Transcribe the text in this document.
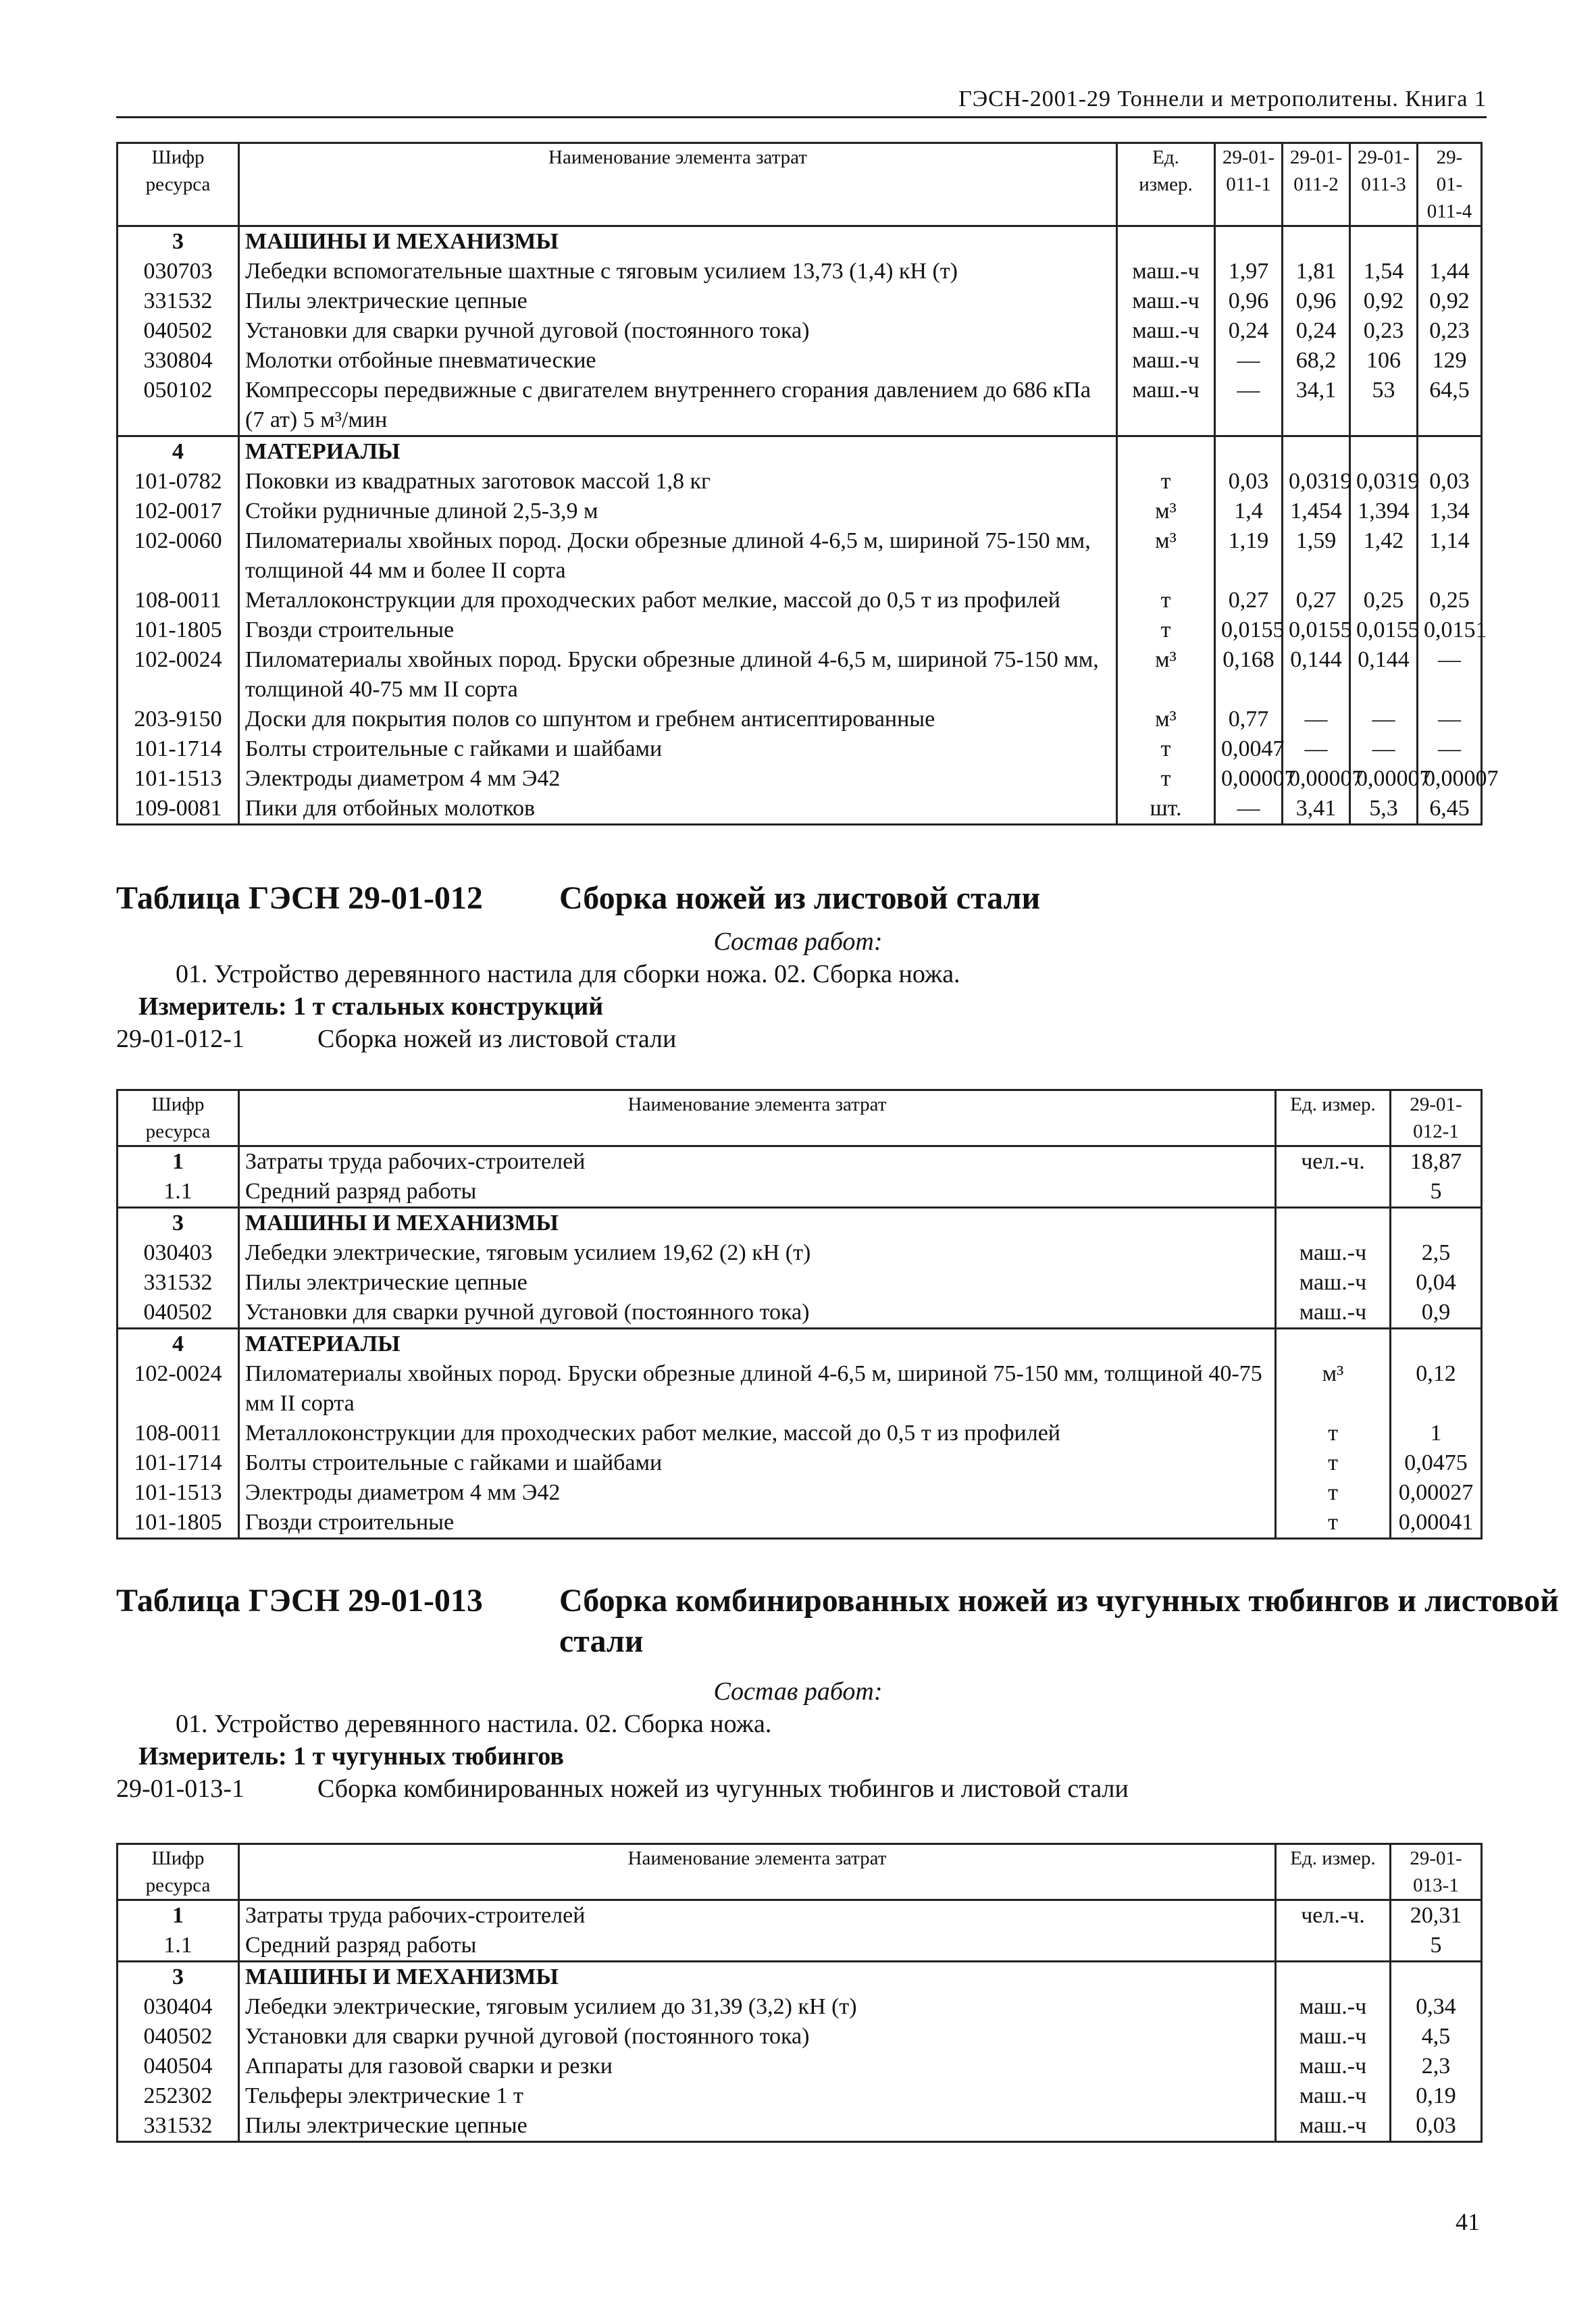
ГЭСН-2001-29 Тоннели и метрополитены. Книга 1
Шифр ресурса	Наименование элемента затрат	Ед. измер.	29-01-011-1	29-01-011-2	29-01-011-3	29-01-011-4
3	МАШИНЫ И МЕХАНИЗМЫ					
030703	Лебедки вспомогательные шахтные с тяговым усилием 13,73 (1,4) кН (т)	маш.-ч	1,97	1,81	1,54	1,44
331532	Пилы электрические цепные	маш.-ч	0,96	0,96	0,92	0,92
040502	Установки для сварки ручной дуговой (постоянного тока)	маш.-ч	0,24	0,24	0,23	0,23
330804	Молотки отбойные пневматические	маш.-ч	—	68,2	106	129
050102	Компрессоры передвижные с двигателем внутреннего сгорания давлением до 686 кПа (7 ат) 5 м³/мин	маш.-ч	—	34,1	53	64,5
4	МАТЕРИАЛЫ					
101-0782	Поковки из квадратных заготовок массой 1,8 кг	т	0,03	0,0319	0,0319	0,03
102-0017	Стойки рудничные длиной 2,5-3,9 м	м³	1,4	1,454	1,394	1,34
102-0060	Пиломатериалы хвойных пород. Доски обрезные длиной 4-6,5 м, шириной 75-150 мм, толщиной 44 мм и более II сорта	м³	1,19	1,59	1,42	1,14
108-0011	Металлоконструкции для проходческих работ мелкие, массой до 0,5 т из профилей	т	0,27	0,27	0,25	0,25
101-1805	Гвозди строительные	т	0,0155	0,0155	0,0155	0,0151
102-0024	Пиломатериалы хвойных пород. Бруски обрезные длиной 4-6,5 м, шириной 75-150 мм, толщиной 40-75 мм II сорта	м³	0,168	0,144	0,144	—
203-9150	Доски для покрытия полов со шпунтом и гребнем антисептированные	м³	0,77	—	—	—
101-1714	Болты строительные с гайками и шайбами	т	0,0047	—	—	—
101-1513	Электроды диаметром 4 мм Э42	т	0,00007	0,00007	0,00007	0,00007
109-0081	Пики для отбойных молотков	шт.	—	3,41	5,3	6,45
Таблица ГЭСН 29-01-012 Сборка ножей из листовой стали
Состав работ:
01. Устройство деревянного настила для сборки ножа. 02. Сборка ножа.
Измеритель: 1 т стальных конструкций
29-01-012-1	Сборка ножей из листовой стали
Шифр ресурса	Наименование элемента затрат	Ед. измер.	29-01-012-1
1	Затраты труда рабочих-строителей	чел.-ч.	18,87
1.1	Средний разряд работы		5
3	МАШИНЫ И МЕХАНИЗМЫ		
030403	Лебедки электрические, тяговым усилием 19,62 (2) кН (т)	маш.-ч	2,5
331532	Пилы электрические цепные	маш.-ч	0,04
040502	Установки для сварки ручной дуговой (постоянного тока)	маш.-ч	0,9
4	МАТЕРИАЛЫ		
102-0024	Пиломатериалы хвойных пород. Бруски обрезные длиной 4-6,5 м, шириной 75-150 мм, толщиной 40-75 мм II сорта	м³	0,12
108-0011	Металлоконструкции для проходческих работ мелкие, массой до 0,5 т из профилей	т	1
101-1714	Болты строительные с гайками и шайбами	т	0,0475
101-1513	Электроды диаметром 4 мм Э42	т	0,00027
101-1805	Гвозди строительные	т	0,00041
Таблица ГЭСН 29-01-013 Сборка комбинированных ножей из чугунных тюбингов и листовой стали
Состав работ:
01. Устройство деревянного настила. 02. Сборка ножа.
Измеритель: 1 т чугунных тюбингов
29-01-013-1	Сборка комбинированных ножей из чугунных тюбингов и листовой стали
Шифр ресурса	Наименование элемента затрат	Ед. измер.	29-01-013-1
1	Затраты труда рабочих-строителей	чел.-ч.	20,31
1.1	Средний разряд работы		5
3	МАШИНЫ И МЕХАНИЗМЫ		
030404	Лебедки электрические, тяговым усилием до 31,39 (3,2) кН (т)	маш.-ч	0,34
040502	Установки для сварки ручной дуговой (постоянного тока)	маш.-ч	4,5
040504	Аппараты для газовой сварки и резки	маш.-ч	2,3
252302	Тельферы электрические 1 т	маш.-ч	0,19
331532	Пилы электрические цепные	маш.-ч	0,03
41
